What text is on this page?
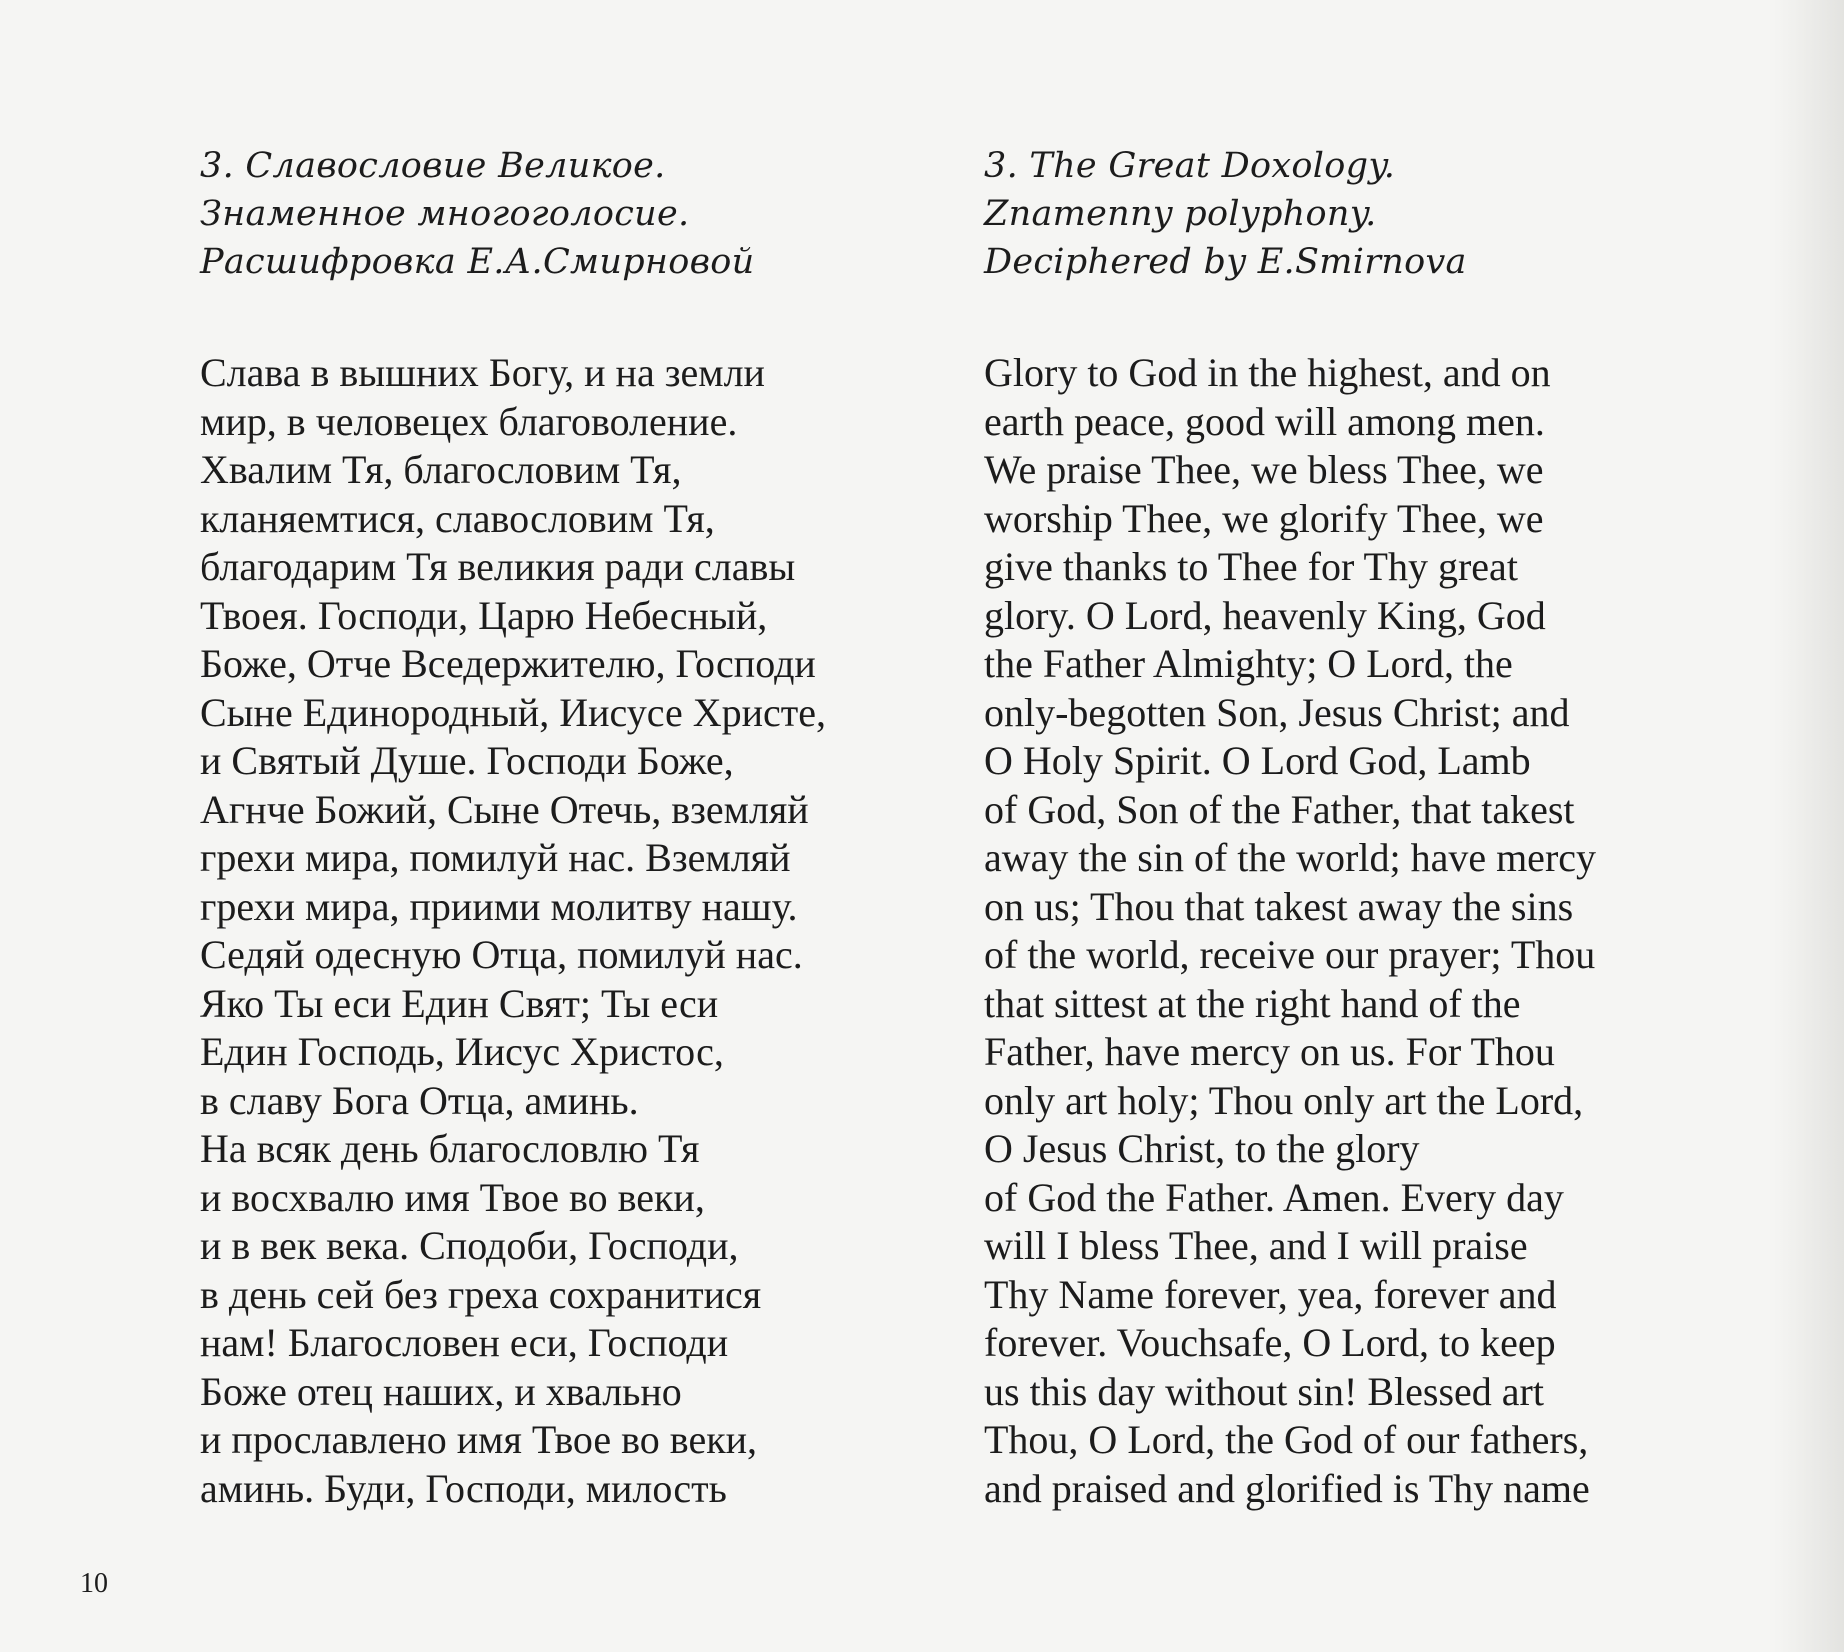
3. Славословие Великое.
Знаменное многоголосие.
Расшифровка Е.А.Смирновой
Слава в вышних Богу, и на земли
мир, в человецех благоволение.
Хвалим Тя, благословим Тя,
кланяемтися, славословим Тя,
благодарим Тя великия ради славы
Твоея. Господи, Царю Небесный,
Боже, Отче Вседержителю, Господи
Сыне Единородный, Иисусе Христе,
и Святый Душе. Господи Боже,
Агнче Божий, Сыне Отечь, вземляй
грехи мира, помилуй нас. Вземляй
грехи мира, приими молитву нашу.
Седяй одесную Отца, помилуй нас.
Яко Ты еси Един Свят; Ты еси
Един Господь, Иисус Христос,
в славу Бога Отца, аминь.
На всяк день благословлю Тя
и восхвалю имя Твое во веки,
и в век века. Сподоби, Господи,
в день сей без греха сохранитися
нам! Благословен еси, Господи
Боже отец наших, и хвально
и прославлено имя Твое во веки,
аминь. Буди, Господи, милость
3. The Great Doxology.
Znamenny polyphony.
Deciphered by E.Smirnova
Glory to God in the highest, and on
earth peace, good will among men.
We praise Thee, we bless Thee, we
worship Thee, we glorify Thee, we
give thanks to Thee for Thy great
glory. O Lord, heavenly King, God
the Father Almighty; O Lord, the
only-begotten Son, Jesus Christ; and
O Holy Spirit. O Lord God, Lamb
of God, Son of the Father, that takest
away the sin of the world; have mercy
on us; Thou that takest away the sins
of the world, receive our prayer; Thou
that sittest at the right hand of the
Father, have mercy on us. For Thou
only art holy; Thou only art the Lord,
O Jesus Christ, to the glory
of God the Father. Amen. Every day
will I bless Thee, and I will praise
Thy Name forever, yea, forever and
forever. Vouchsafe, O Lord, to keep
us this day without sin! Blessed art
Thou, O Lord, the God of our fathers,
and praised and glorified is Thy name
10
